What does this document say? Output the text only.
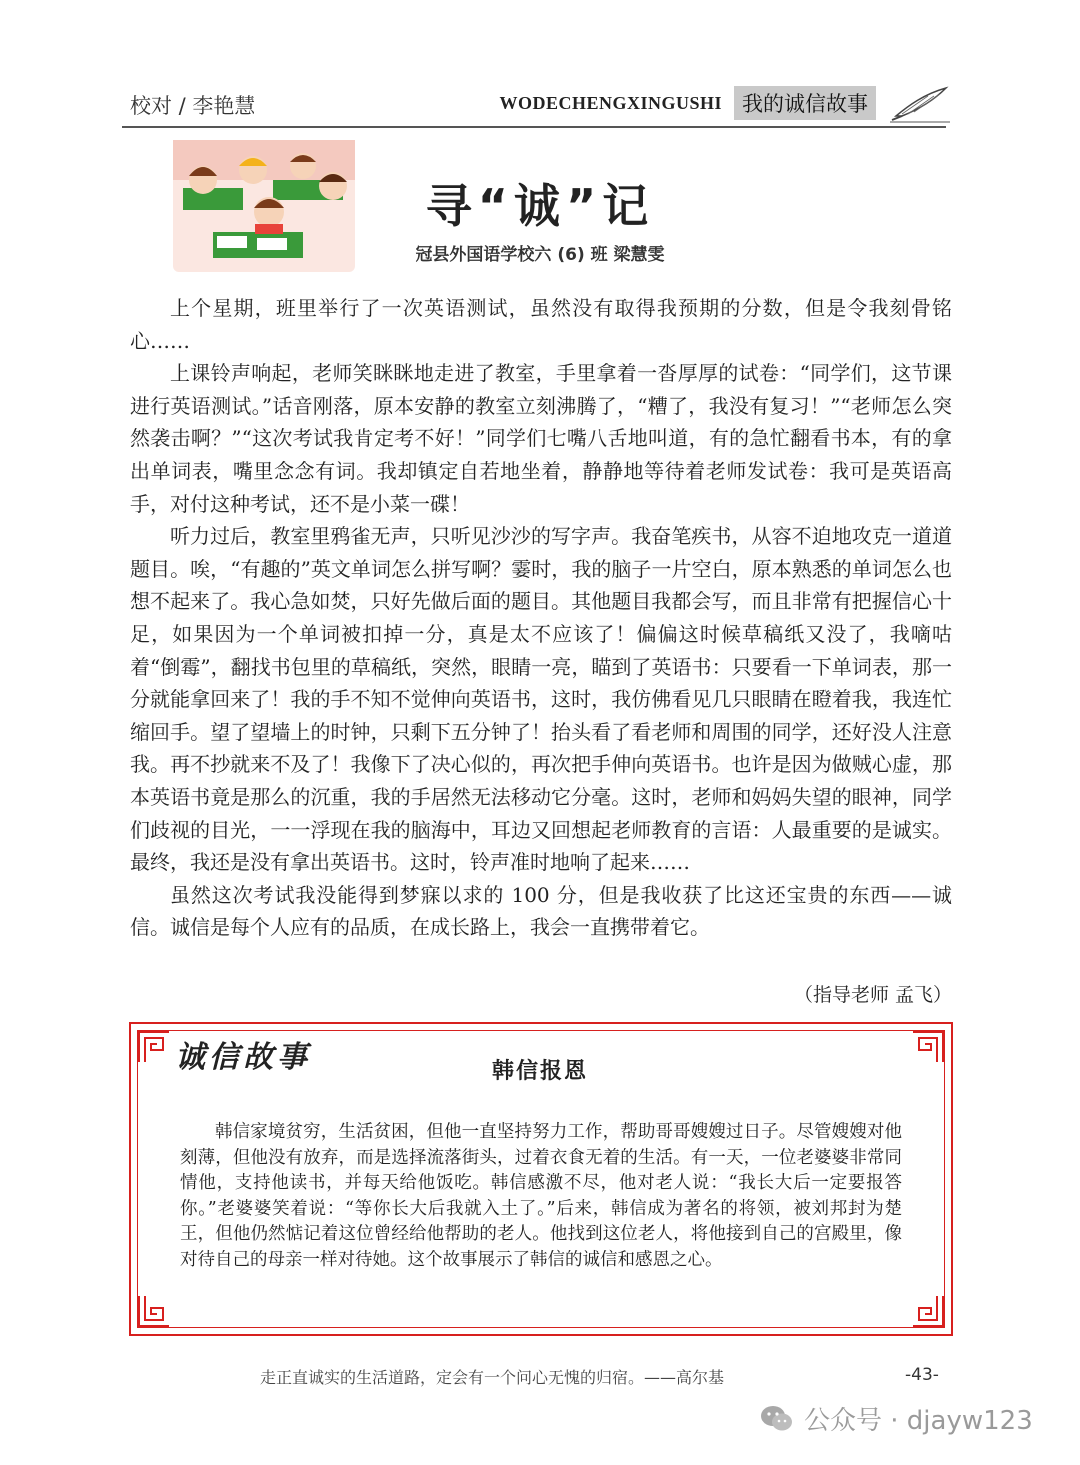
校对 / 李艳慧	WODECHENGXINGUSHI 我的诚信故事
寻“诚”记
冠县外国语学校六 (6) 班 梁慧雯

上个星期，班里举行了一次英语测试，虽然没有取得我预期的分数，但是令我刻骨铭心……

上课铃声响起，老师笑眯眯地走进了教室，手里拿着一沓厚厚的试卷：“同学们，这节课进行英语测试。”话音刚落，原本安静的教室立刻沸腾了，“糟了，我没有复习！”“老师怎么突然袭击啊？”“这次考试我肯定考不好！”同学们七嘴八舌地叫道，有的急忙翻看书本，有的拿出单词表，嘴里念念有词。我却镇定自若地坐着，静静地等待着老师发试卷：我可是英语高手，对付这种考试，还不是小菜一碟！

听力过后，教室里鸦雀无声，只听见沙沙的写字声。我奋笔疾书，从容不迫地攻克一道道题目。唉，“有趣的”英文单词怎么拼写啊？霎时，我的脑子一片空白，原本熟悉的单词怎么也想不起来了。我心急如焚，只好先做后面的题目。其他题目我都会写，而且非常有把握信心十足，如果因为一个单词被扣掉一分，真是太不应该了！偏偏这时候草稿纸又没了，我嘀咕着“倒霉”，翻找书包里的草稿纸，突然，眼睛一亮，瞄到了英语书：只要看一下单词表，那一分就能拿回来了！我的手不知不觉伸向英语书，这时，我仿佛看见几只眼睛在瞪着我，我连忙缩回手。望了望墙上的时钟，只剩下五分钟了！抬头看了看老师和周围的同学，还好没人注意我。再不抄就来不及了！我像下了决心似的，再次把手伸向英语书。也许是因为做贼心虚，那本英语书竟是那么的沉重，我的手居然无法移动它分毫。这时，老师和妈妈失望的眼神，同学们歧视的目光，一一浮现在我的脑海中，耳边又回想起老师教育的言语：人最重要的是诚实。最终，我还是没有拿出英语书。这时，铃声准时地响了起来……

虽然这次考试我没能得到梦寐以求的 100 分，但是我收获了比这还宝贵的东西——诚信。诚信是每个人应有的品质，在成长路上，我会一直携带着它。

（指导老师 孟飞）
诚信故事	韩信报恩

韩信家境贫穷，生活贫困，但他一直坚持努力工作，帮助哥哥嫂嫂过日子。尽管嫂嫂对他刻薄，但他没有放弃，而是选择流落街头，过着衣食无着的生活。有一天，一位老婆婆非常同情他，支持他读书，并每天给他饭吃。韩信感激不尽，他对老人说：“我长大后一定要报答你。”老婆婆笑着说：“等你长大后我就入土了。”后来，韩信成为著名的将领，被刘邦封为楚王，但他仍然惦记着这位曾经给他帮助的老人。他找到这位老人，将他接到自己的宫殿里，像对待自己的母亲一样对待她。这个故事展示了韩信的诚信和感恩之心。

走正直诚实的生活道路，定会有一个问心无愧的归宿。——高尔基	-43-
公众号 · djayw123
